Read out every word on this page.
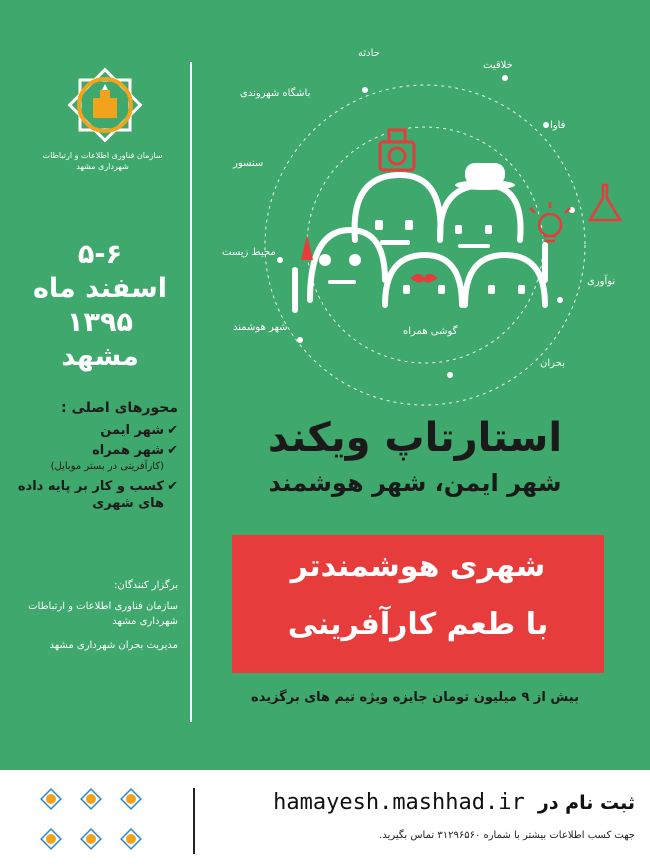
سازمان فناوری اطلاعات و ارتباطات
شهرداری مشهد
۵-۶
اسفند ماه
۱۳۹۵
مشهد
محورهای اصلی :
✔
شهر ایمن
✔
شهر همراه
(کارآفرینی در بستر موبایل)
✔
کسب و کار بر پایه داده های شهری
برگزار کنندگان:
سازمان فناوری اطلاعات و ارتباطات شهرداری مشهد
مدیریت بحران شهرداری مشهد
حادثه
خلاقیت
باشگاه شهروندی
فاوا
سنسور
نوآوری
محیط زیست
شهر هوشمند	گوشی همراه
بحران
استارتاپ ویکند
شهر ایمن، شهر هوشمند
شهری هوشمندتر
با طعم کارآفرینی
بیش از ۹ میلیون تومان جایزه ویژه تیم های برگزیده
hamayesh.mashhad.ir ثبت نام در
جهت کسب اطلاعات بیشتر با شماره ۳۱۲۹۶۵۶۰ تماس بگیرید.
